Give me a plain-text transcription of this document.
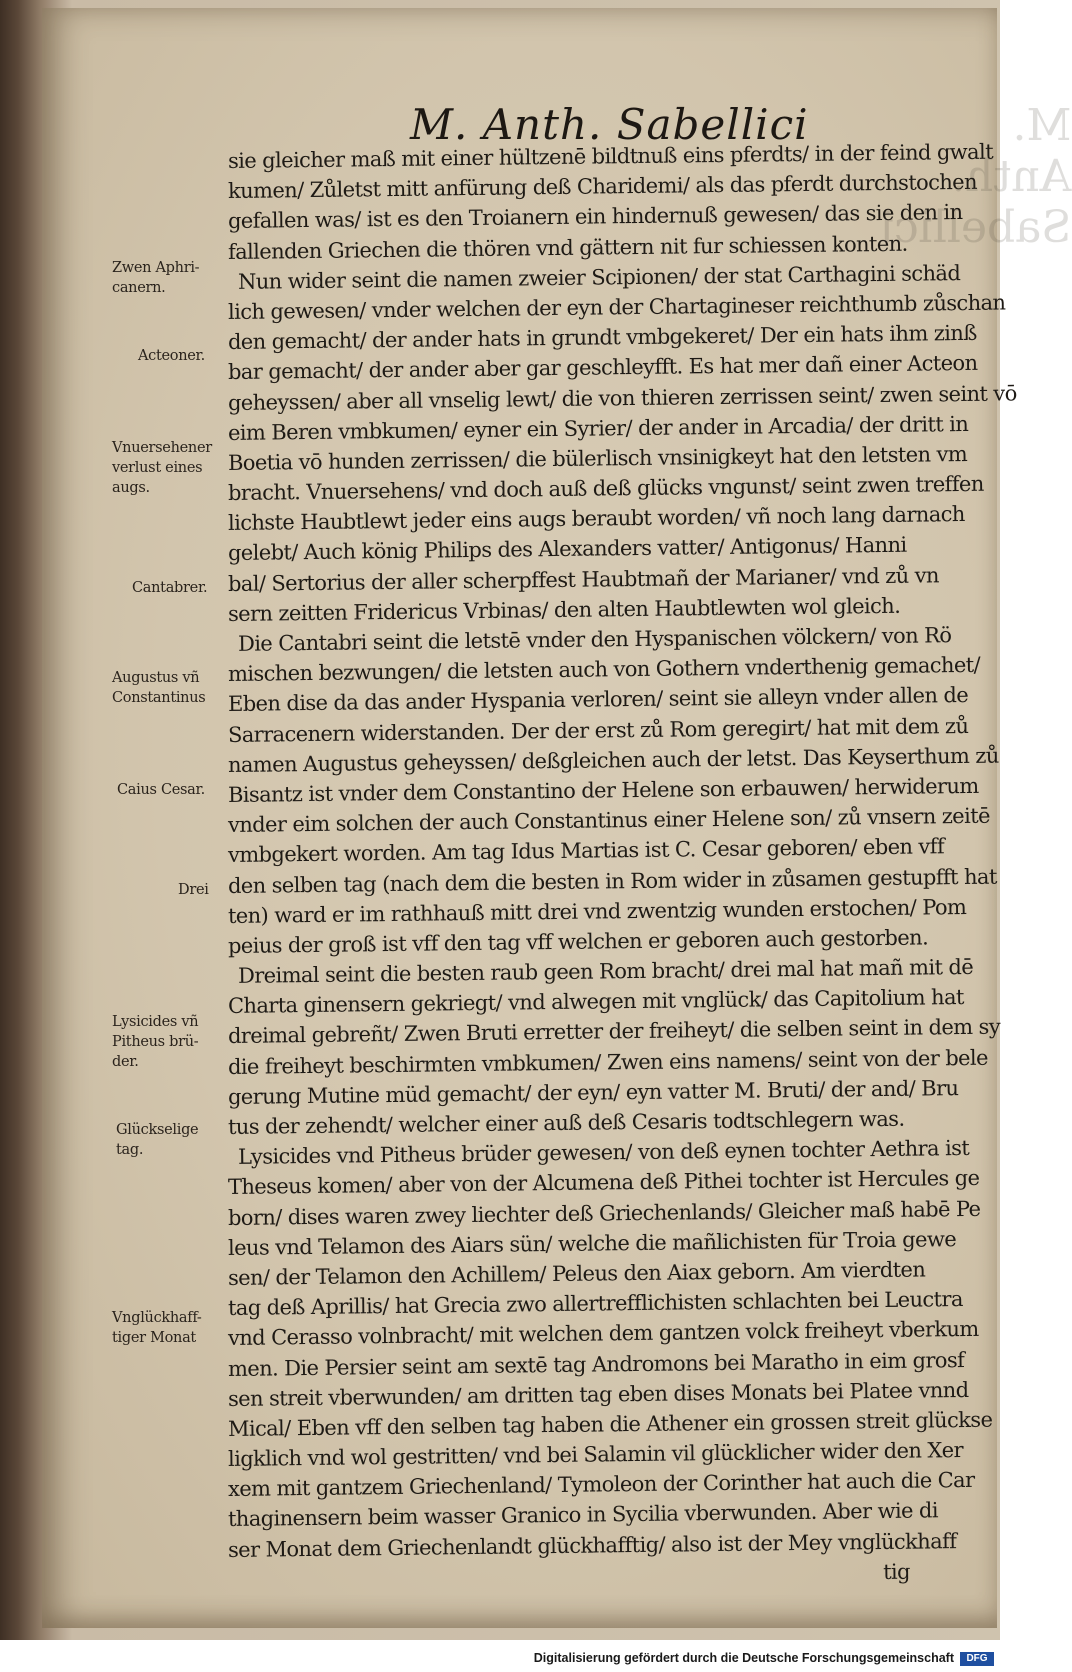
M. Anth. Sabellici
M. Anth. Sabellici
sie gleicher maß mit einer hültzenē bildtnuß eins pferdts/ in der feind gwalt
kumen/ Zůletst mitt anfürung deß Charidemi/ als das pferdt durchstochen
gefallen was/ ist es den Troianern ein hindernuß gewesen/ das sie den in
fallenden Griechen die thören vnd gättern nit fur schiessen konten.
Nun wider seint die namen zweier Scipionen/ der stat Carthagini schäd
lich gewesen/ vnder welchen der eyn der Chartagineser reichthumb zůschan
den gemacht/ der ander hats in grundt vmbgekeret/ Der ein hats ihm zinß
bar gemacht/ der ander aber gar geschleyfft. Es hat mer dañ einer Acteon
geheyssen/ aber all vnselig lewt/ die von thieren zerrissen seint/ zwen seint vō
eim Beren vmbkumen/ eyner ein Syrier/ der ander in Arcadia/ der dritt in
Boetia vō hunden zerrissen/ die bülerlisch vnsinigkeyt hat den letsten vm
bracht. Vnuersehens/ vnd doch auß deß glücks vngunst/ seint zwen treffen
lichste Haubtlewt jeder eins augs beraubt worden/ vñ noch lang darnach
gelebt/ Auch könig Philips des Alexanders vatter/ Antigonus/ Hanni
bal/ Sertorius der aller scherpffest Haubtmañ der Marianer/ vnd zů vn
sern zeitten Fridericus Vrbinas/ den alten Haubtlewten wol gleich.
Die Cantabri seint die letstē vnder den Hyspanischen völckern/ von Rö
mischen bezwungen/ die letsten auch von Gothern vnderthenig gemachet/
Eben dise da das ander Hyspania verloren/ seint sie alleyn vnder allen de
Sarracenern widerstanden. Der der erst zů Rom geregirt/ hat mit dem zů
namen Augustus geheyssen/ deßgleichen auch der letst. Das Keyserthum zů
Bisantz ist vnder dem Constantino der Helene son erbauwen/ herwiderum
vnder eim solchen der auch Constantinus einer Helene son/ zů vnsern zeitē
vmbgekert worden. Am tag Idus Martias ist C. Cesar geboren/ eben vff
den selben tag (nach dem die besten in Rom wider in zůsamen gestupfft hat
ten) ward er im rathhauß mitt drei vnd zwentzig wunden erstochen/ Pom
peius der groß ist vff den tag vff welchen er geboren auch gestorben.
Dreimal seint die besten raub geen Rom bracht/ drei mal hat mañ mit dē
Charta ginensern gekriegt/ vnd alwegen mit vnglück/ das Capitolium hat
dreimal gebreñt/ Zwen Bruti erretter der freiheyt/ die selben seint in dem sy
die freiheyt beschirmten vmbkumen/ Zwen eins namens/ seint von der bele
gerung Mutine müd gemacht/ der eyn/ eyn vatter M. Bruti/ der and/ Bru
tus der zehendt/ welcher einer auß deß Cesaris todtschlegern was.
Lysicides vnd Pitheus brüder gewesen/ von deß eynen tochter Aethra ist
Theseus komen/ aber von der Alcumena deß Pithei tochter ist Hercules ge
born/ dises waren zwey liechter deß Griechenlands/ Gleicher maß habē Pe
leus vnd Telamon des Aiars sün/ welche die mañlichisten für Troia gewe
sen/ der Telamon den Achillem/ Peleus den Aiax geborn. Am vierdten
tag deß Aprillis/ hat Grecia zwo allertrefflichisten schlachten bei Leuctra
vnd Cerasso volnbracht/ mit welchen dem gantzen volck freiheyt vberkum
men. Die Persier seint am sextē tag Andromons bei Maratho in eim grosf
sen streit vberwunden/ am dritten tag eben dises Monats bei Platee vnnd
Mical/ Eben vff den selben tag haben die Athener ein grossen streit glückse
ligklich vnd wol gestritten/ vnd bei Salamin vil glücklicher wider den Xer
xem mit gantzem Griechenland/ Tymoleon der Corinther hat auch die Car
thaginensern beim wasser Granico in Sycilia vberwunden. Aber wie di
ser Monat dem Griechenlandt glückhafftig/ also ist der Mey vnglückhaff
tig
Zwen Aphri-
canern.
Acteoner.
Vnuersehener
verlust eines
augs.
Cantabrer.
Augustus vñ
Constantinus
Caius Cesar.
Drei
Lysicides vñ
Pitheus brü-
der.
Glückselige
tag.
Vnglückhaff-
tiger Monat
Digitalisierung gefördert durch die Deutsche Forschungsgemeinschaft	DFG
